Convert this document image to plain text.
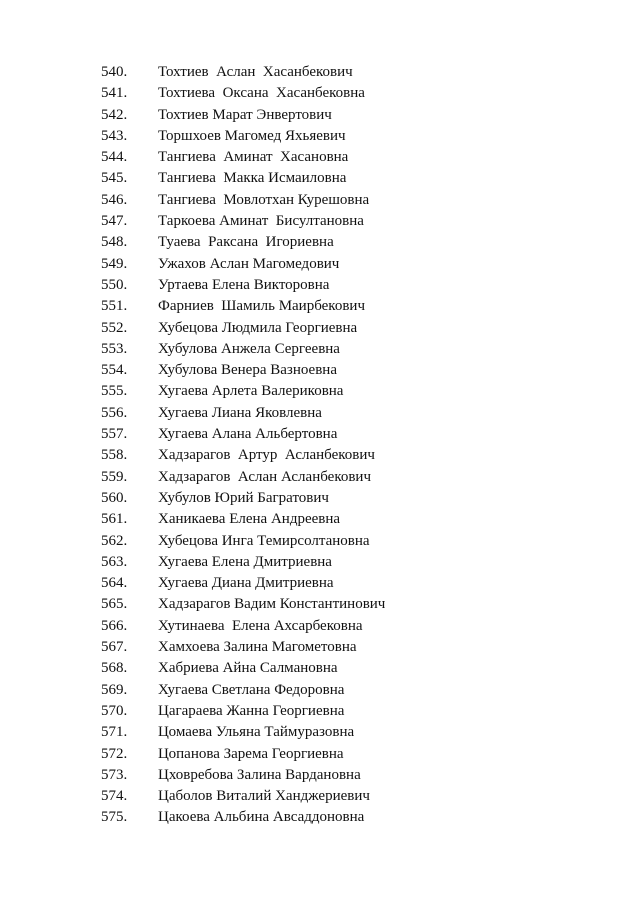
540. Тохтиев  Аслан  Хасанбекович
541. Тохтиева  Оксана  Хасанбековна
542. Тохтиев Марат Энвертович
543. Торшхоев Магомед Яхьяевич
544. Тангиева  Аминат  Хасановна
545. Тангиева  Макка Исмаиловна
546. Тангиева  Мовлотхан Курешовна
547. Таркоева Аминат  Бисултановна
548. Туаева  Раксана  Игориевна
549. Ужахов Аслан Магомедович
550. Уртаева Елена Викторовна
551. Фарниев  Шамиль Маирбекович
552. Хубецова Людмила Георгиевна
553. Хубулова Анжела Сергеевна
554. Хубулова Венера Вазноевна
555. Хугаева Арлета Валериковна
556. Хугаева Лиана Яковлевна
557. Хугаева Алана Альбертовна
558. Хадзарагов  Артур  Асланбекович
559. Хадзарагов  Аслан Асланбекович
560. Хубулов Юрий Багратович
561. Ханикаева Елена Андреевна
562. Хубецова Инга Темирсолтановна
563. Хугаева Елена Дмитриевна
564. Хугаева Диана Дмитриевна
565. Хадзарагов Вадим Константинович
566. Хутинаева  Елена Ахсарбековна
567. Хамхоева Залина Магометовна
568. Хабриева Айна Салмановна
569. Хугаева Светлана Федоровна
570. Цагараева Жанна Георгиевна
571. Цомаева Ульяна Таймуразовна
572. Цопанова Зарема Георгиевна
573. Цховребова Залина Вардановна
574. Цаболов Виталий Ханджериевич
575. Цакоева Альбина Авсаддоновна
